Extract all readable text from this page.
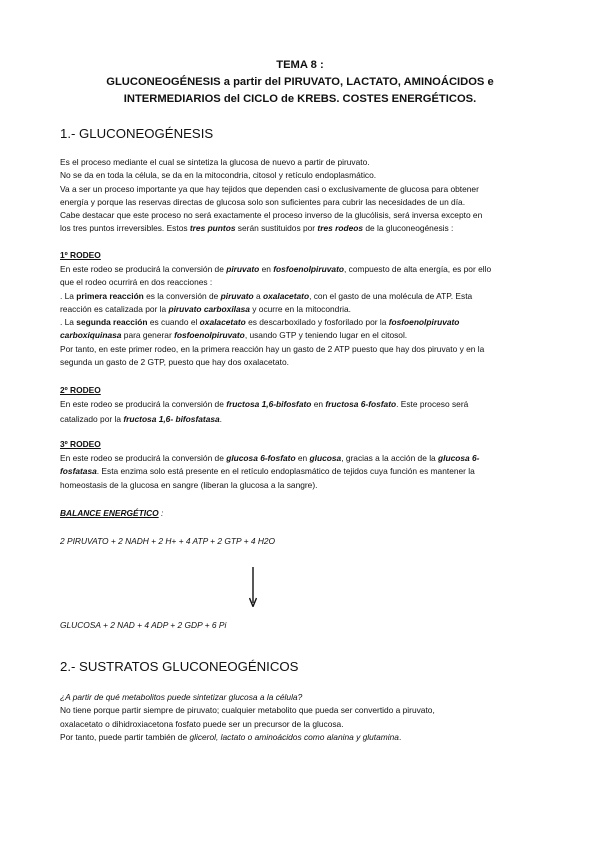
TEMA 8 :
GLUCONEOGÉNESIS a partir del PIRUVATO, LACTATO, AMINOÁCIDOS e
INTERMEDIARIOS del CICLO de KREBS. COSTES ENERGÉTICOS.
1.- GLUCONEOGÉNESIS
Es el proceso mediante el cual se sintetiza la glucosa de nuevo a partir de piruvato.
No se da en toda la célula, se da en la mitocondria, citosol y retículo endoplasmático.
Va a ser un proceso importante ya que hay tejidos que dependen casi o exclusivamente de glucosa para obtener
energía y porque las reservas directas de glucosa solo son suficientes para cubrir las necesidades de un día.
Cabe destacar que este proceso no será exactamente el proceso inverso de la glucólisis, será inversa excepto en
los tres puntos irreversibles. Estos tres puntos serán sustituidos por tres rodeos de la gluconeogénesis :
1º RODEO
En este rodeo se producirá la conversión de piruvato en fosfoenolpiruvato, compuesto de alta energía, es por ello
que el rodeo ocurrirá en dos reacciones :
. La primera reacción es la conversión de piruvato a oxalacetato, con el gasto de una molécula de ATP. Esta
reacción es catalizada por la piruvato carboxilasa y ocurre en la mitocondria.
. La segunda reacción es cuando el oxalacetato es descarboxilado y fosforilado por la fosfoenolpiruvato
carboxiquinasa para generar fosfoenolpiruvato, usando GTP y teniendo lugar en el citosol.
Por tanto, en este primer rodeo, en la primera reacción hay un gasto de 2 ATP puesto que hay dos piruvato y en la
segunda un gasto de 2 GTP, puesto que hay dos oxalacetato.
2º RODEO
En este rodeo se producirá la conversión de fructosa 1,6-bifosfato en fructosa 6-fosfato. Este proceso será
catalizado por la fructosa 1,6- bifosfatasa.
3º RODEO
En este rodeo se producirá la conversión de glucosa 6-fosfato en glucosa, gracias a la acción de la glucosa 6-
fosfatasa. Esta enzima solo está presente en el retículo endoplasmático de tejidos cuya función es mantener la
homeostasis de la glucosa en sangre (liberan la glucosa a la sangre).
BALANCE ENERGÉTICO :
2 PIRUVATO + 2 NADH + 2 H+ + 4 ATP + 2 GTP + 4 H2O
GLUCOSA + 2 NAD + 4 ADP + 2 GDP + 6 Pi
2.- SUSTRATOS GLUCONEOGÉNICOS
¿A partir de qué metabolitos puede sintetizar glucosa a la célula?
No tiene porque partir siempre de piruvato; cualquier metabolito que pueda ser convertido a piruvato,
oxalacetato o dihidroxiacetona fosfato puede ser un precursor de la glucosa.
Por tanto, puede partir también de glicerol, lactato o aminoácidos como alanina y glutamina.
